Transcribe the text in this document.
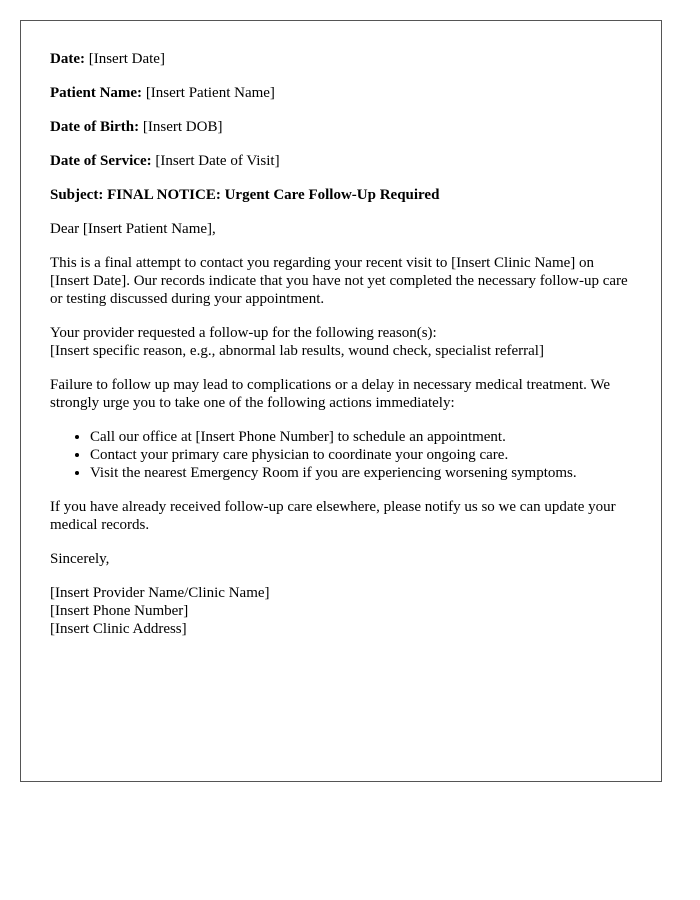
Date: [Insert Date]
Patient Name: [Insert Patient Name]
Date of Birth: [Insert DOB]
Date of Service: [Insert Date of Visit]
Subject: FINAL NOTICE: Urgent Care Follow-Up Required

Dear [Insert Patient Name],

This is a final attempt to contact you regarding your recent visit to [Insert Clinic Name] on [Insert Date]. Our records indicate that you have not yet completed the necessary follow-up care or testing discussed during your appointment.

Your provider requested a follow-up for the following reason(s):
[Insert specific reason, e.g., abnormal lab results, wound check, specialist referral]

Failure to follow up may lead to complications or a delay in necessary medical treatment. We strongly urge you to take one of the following actions immediately:

• Call our office at [Insert Phone Number] to schedule an appointment.
• Contact your primary care physician to coordinate your ongoing care.
• Visit the nearest Emergency Room if you are experiencing worsening symptoms.

If you have already received follow-up care elsewhere, please notify us so we can update your medical records.

Sincerely,

[Insert Provider Name/Clinic Name]
[Insert Phone Number]
[Insert Clinic Address]
